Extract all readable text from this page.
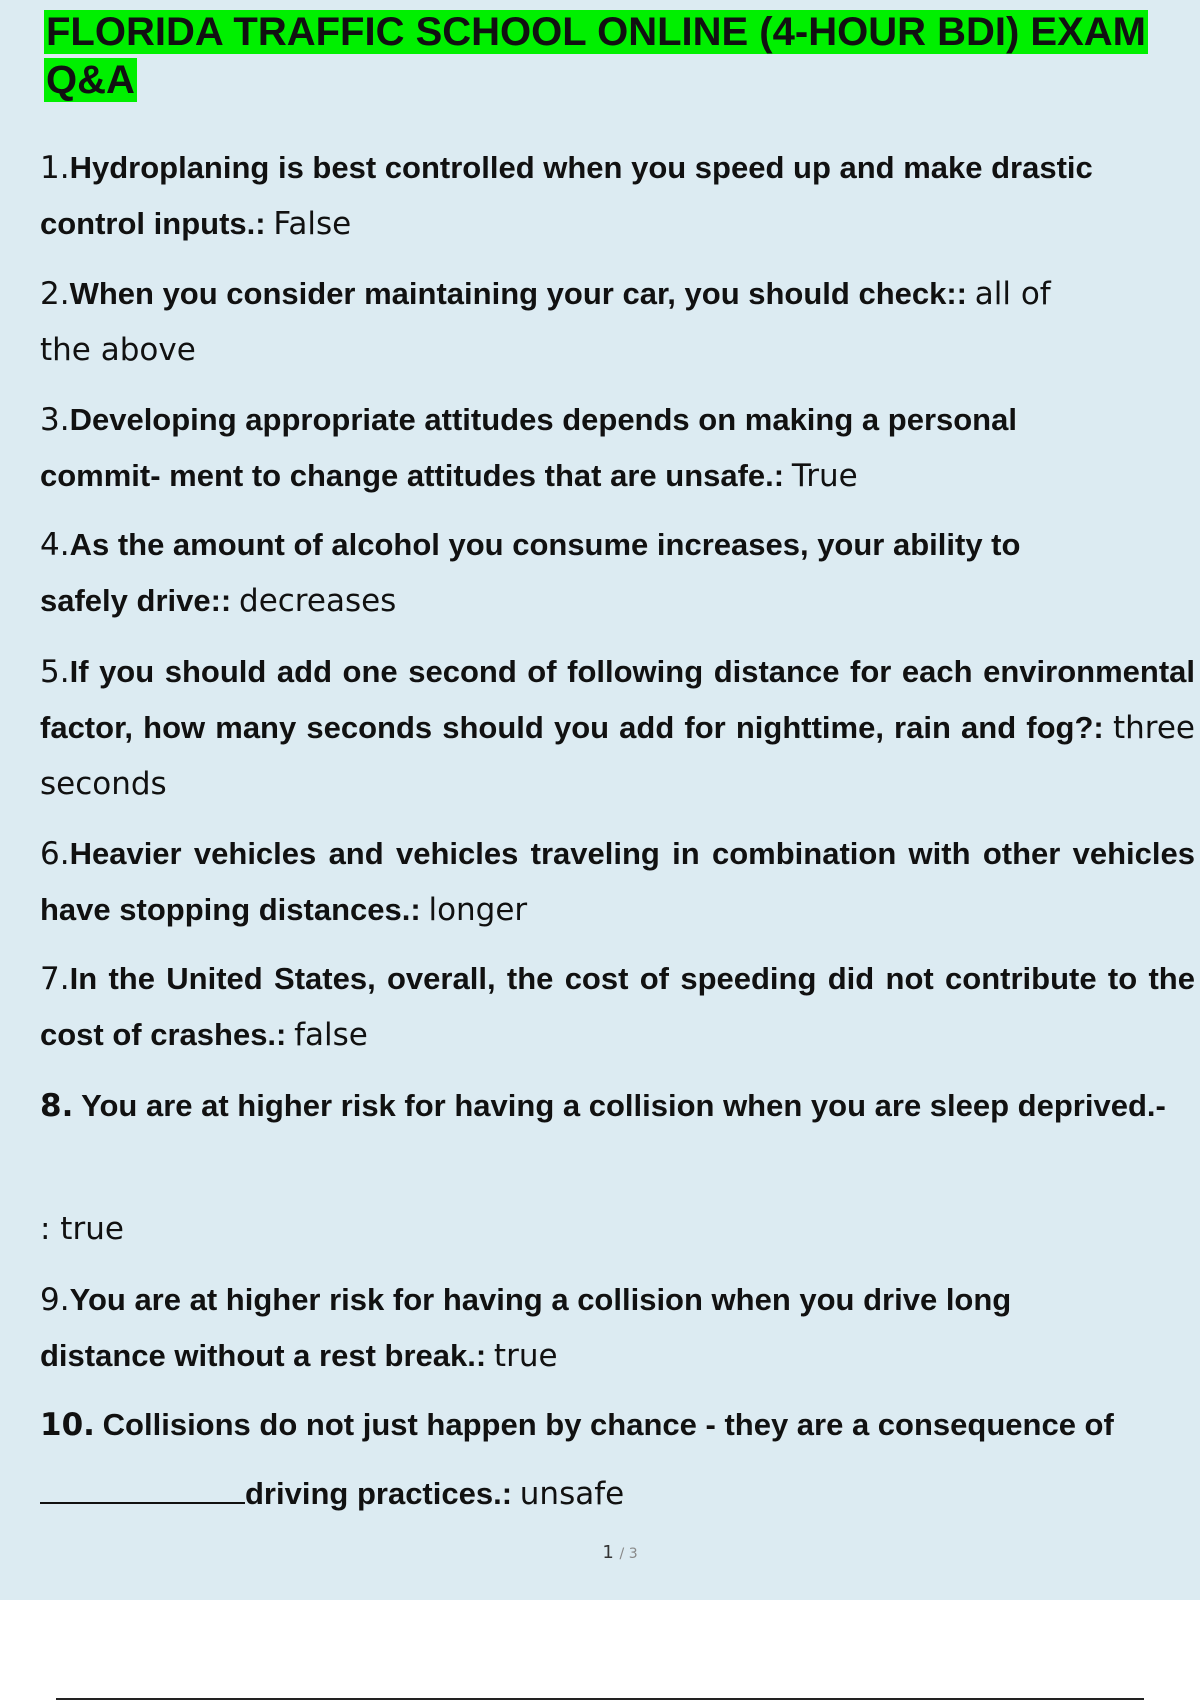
FLORIDA TRAFFIC SCHOOL ONLINE (4-HOUR BDI) EXAM Q&A

1.Hydroplaning is best controlled when you speed up and make drastic control inputs.: False

2.When you consider maintaining your car, you should check:: all of the above

3.Developing appropriate attitudes depends on making a personal commit- ment to change attitudes that are unsafe.: True

4.As the amount of alcohol you consume increases, your ability to safely drive:: decreases

5.If you should add one second of following distance for each environmental factor, how many seconds should you add for nighttime, rain and fog?: three seconds

6.Heavier vehicles and vehicles traveling in combination with other vehicles have stopping distances.: longer

7.In the United States, overall, the cost of speeding did not contribute to the cost of crashes.: false

8. You are at higher risk for having a collision when you are sleep deprived.-

: true

9.You are at higher risk for having a collision when you drive long distance without a rest break.: true

10. Collisions do not just happen by chance - they are a consequence of

driving practices.: unsafe

1 / 3
